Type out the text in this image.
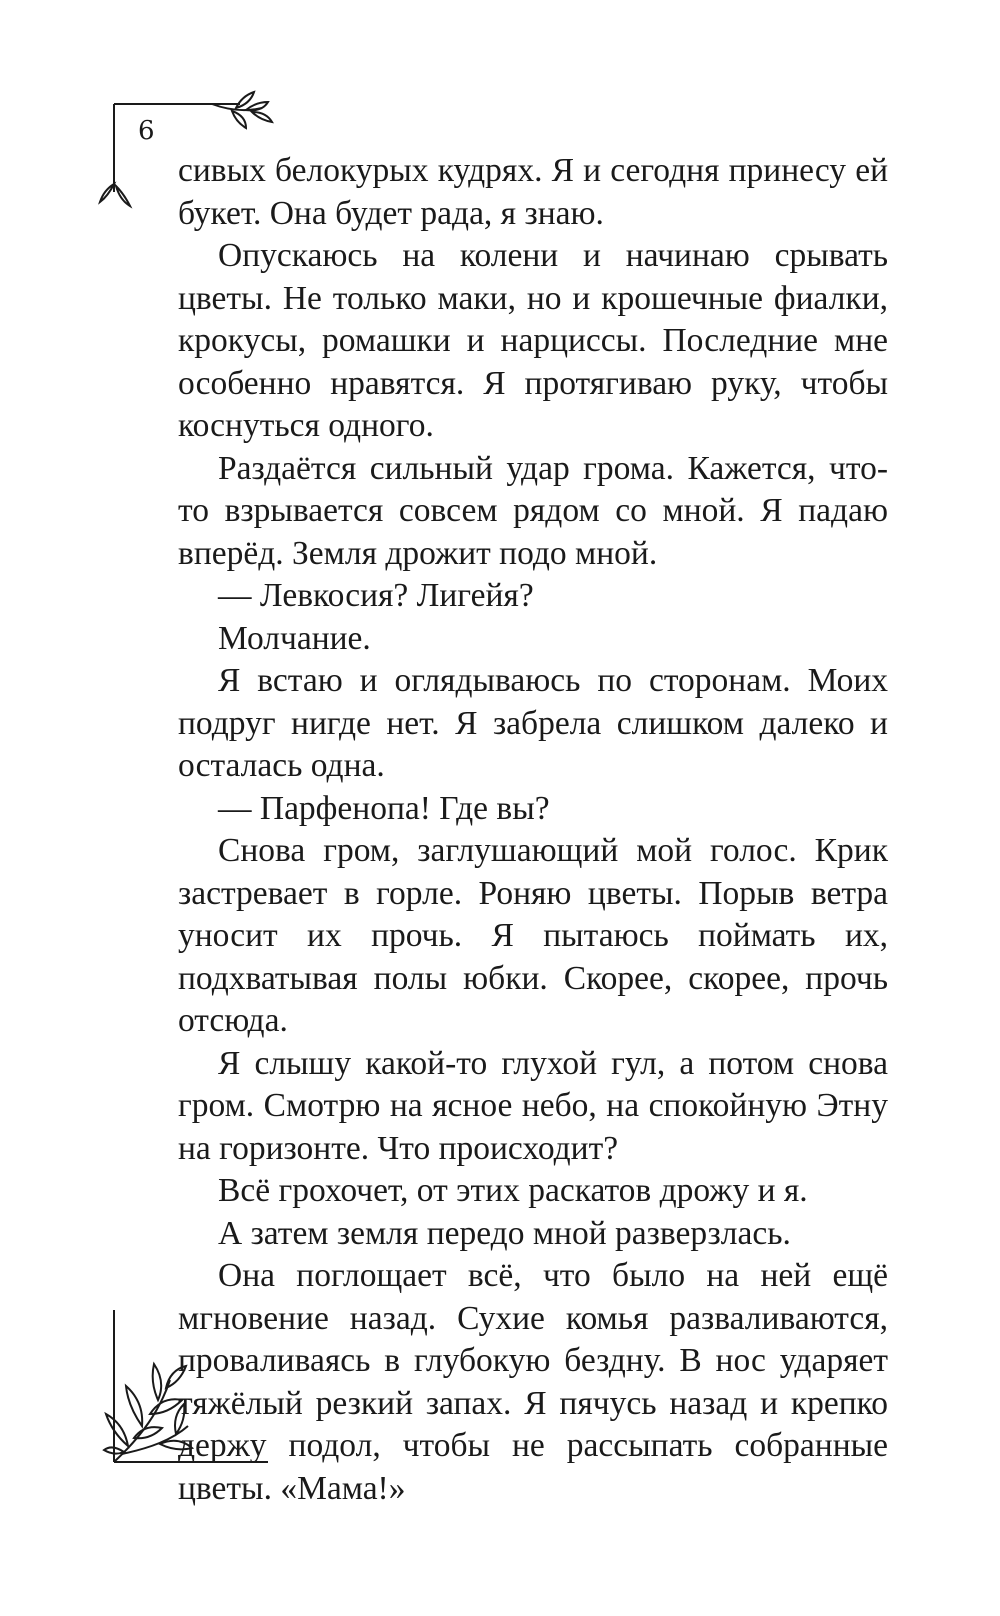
6

сивых белокурых кудрях. Я и сегодня принесу ей букет. Она будет рада, я знаю.

Опускаюсь на колени и начинаю срывать цветы. Не только маки, но и крошечные фиалки, крокусы, ромашки и нарциссы. Последние мне особенно нравятся. Я протягиваю руку, чтобы коснуться одного.

Раздаётся сильный удар грома. Кажется, что-то взрывается совсем рядом со мной. Я падаю вперёд. Земля дрожит подо мной.

— Левкосия? Лигейя?

Молчание.

Я встаю и оглядываюсь по сторонам. Моих подруг нигде нет. Я забрела слишком далеко и осталась одна.

— Парфенопа! Где вы?

Снова гром, заглушающий мой голос. Крик застревает в горле. Роняю цветы. Порыв ветра уносит их прочь. Я пытаюсь поймать их, подхватывая полы юбки. Скорее, скорее, прочь отсюда.

Я слышу какой-то глухой гул, а потом снова гром. Смотрю на ясное небо, на спокойную Этну на горизонте. Что происходит?

Всё грохочет, от этих раскатов дрожу и я.

А затем земля передо мной разверзлась.

Она поглощает всё, что было на ней ещё мгновение назад. Сухие комья разваливаются, проваливаясь в глубокую бездну. В нос ударяет тяжёлый резкий запах. Я пячусь назад и крепко держу подол, чтобы не рассыпать собранные цветы. «Мама!»
